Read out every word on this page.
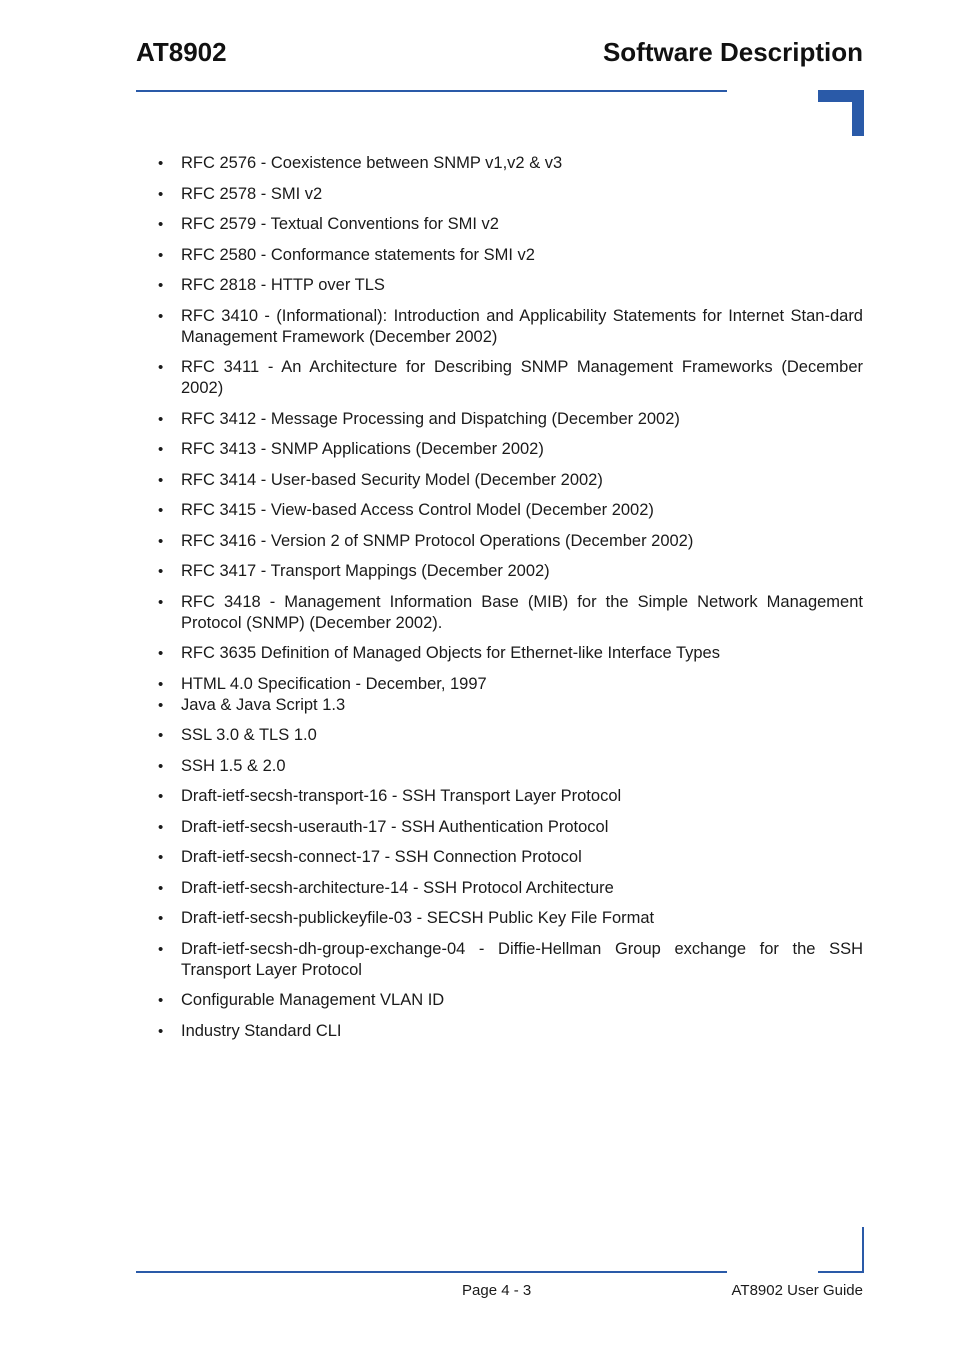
AT8902	Software Description
• RFC 2576 - Coexistence between SNMP v1,v2 & v3
• RFC 2578 - SMI v2
• RFC 2579 - Textual Conventions for SMI v2
• RFC 2580 - Conformance statements for SMI v2
• RFC 2818 - HTTP over TLS
• RFC 3410 - (Informational): Introduction and Applicability Statements for Internet Stan-dard Management Framework (December 2002)
• RFC 3411 - An Architecture for Describing SNMP Management Frameworks (December 2002)
• RFC 3412 - Message Processing and Dispatching (December 2002)
• RFC 3413 - SNMP Applications (December 2002)
• RFC 3414 - User-based Security Model (December 2002)
• RFC 3415 - View-based Access Control Model (December 2002)
• RFC 3416 - Version 2 of SNMP Protocol Operations (December 2002)
• RFC 3417 - Transport Mappings (December 2002)
• RFC 3418 - Management Information Base (MIB) for the Simple Network Management Protocol (SNMP) (December 2002).
• RFC 3635 Definition of Managed Objects for Ethernet-like Interface Types
• HTML 4.0 Specification - December, 1997
• Java & Java Script 1.3
• SSL 3.0 & TLS 1.0
• SSH 1.5 & 2.0
• Draft-ietf-secsh-transport-16 - SSH Transport Layer Protocol
• Draft-ietf-secsh-userauth-17 - SSH Authentication Protocol
• Draft-ietf-secsh-connect-17 - SSH Connection Protocol
• Draft-ietf-secsh-architecture-14 - SSH Protocol Architecture
• Draft-ietf-secsh-publickeyfile-03 - SECSH Public Key File Format
• Draft-ietf-secsh-dh-group-exchange-04 - Diffie-Hellman Group exchange for the SSH Transport Layer Protocol
• Configurable Management VLAN ID
• Industry Standard CLI
Page 4 - 3	AT8902 User Guide
